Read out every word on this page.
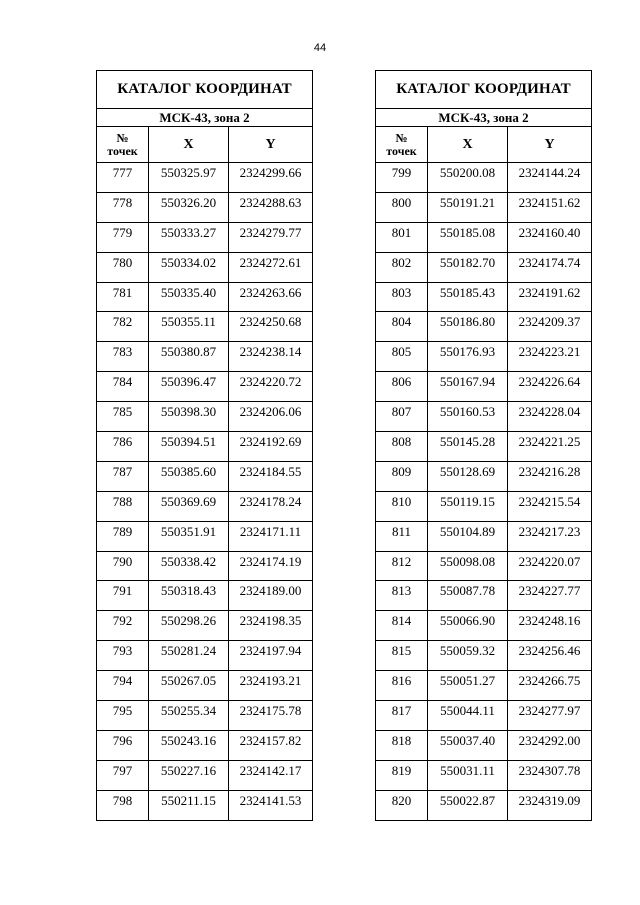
44
КАТАЛОГ КООРДИНАТ		
МСК-43, зона 2		
№
точек	X	Y
777	550325.97	2324299.66
778	550326.20	2324288.63
779	550333.27	2324279.77
780	550334.02	2324272.61
781	550335.40	2324263.66
782	550355.11	2324250.68
783	550380.87	2324238.14
784	550396.47	2324220.72
785	550398.30	2324206.06
786	550394.51	2324192.69
787	550385.60	2324184.55
788	550369.69	2324178.24
789	550351.91	2324171.11
790	550338.42	2324174.19
791	550318.43	2324189.00
792	550298.26	2324198.35
793	550281.24	2324197.94
794	550267.05	2324193.21
795	550255.34	2324175.78
796	550243.16	2324157.82
797	550227.16	2324142.17
798	550211.15	2324141.53
КАТАЛОГ КООРДИНАТ		
МСК-43, зона 2		
№
точек	X	Y
799	550200.08	2324144.24
800	550191.21	2324151.62
801	550185.08	2324160.40
802	550182.70	2324174.74
803	550185.43	2324191.62
804	550186.80	2324209.37
805	550176.93	2324223.21
806	550167.94	2324226.64
807	550160.53	2324228.04
808	550145.28	2324221.25
809	550128.69	2324216.28
810	550119.15	2324215.54
811	550104.89	2324217.23
812	550098.08	2324220.07
813	550087.78	2324227.77
814	550066.90	2324248.16
815	550059.32	2324256.46
816	550051.27	2324266.75
817	550044.11	2324277.97
818	550037.40	2324292.00
819	550031.11	2324307.78
820	550022.87	2324319.09
